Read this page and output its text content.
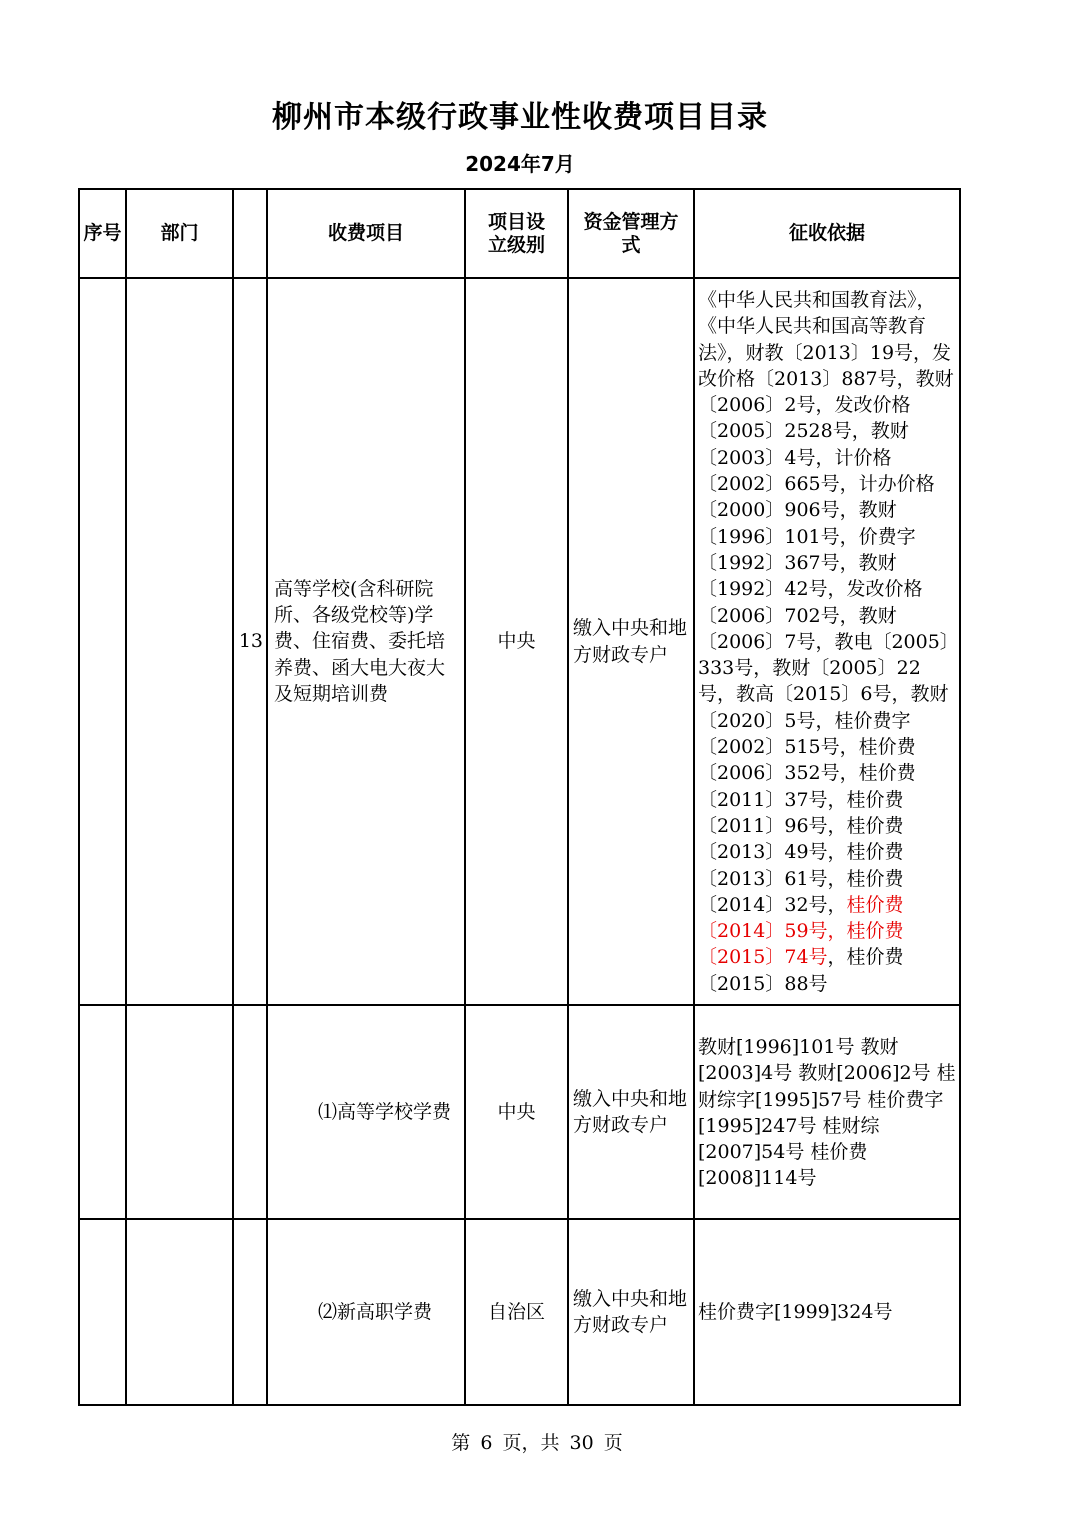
柳州市本级行政事业性收费项目目录
2024年7月
序号	部门		收费项目	项目设立级别	资金管理方式	征收依据
		13	高等学校(含科研院所、各级党校等)学费、住宿费、委托培养费、函大电大夜大及短期培训费	中央	缴入中央和地方财政专户	《中华人民共和国教育法》，《中华人民共和国高等教育法》，财教〔2013〕19号，发改价格〔2013〕887号，教财〔2006〕2号，发改价格〔2005〕2528号，教财〔2003〕4号，计价格〔2002〕665号，计办价格〔2000〕906号，教财〔1996〕101号，价费字〔1992〕367号，教财〔1992〕42号，发改价格〔2006〕702号，教财〔2006〕7号，教电〔2005〕333号，教财〔2005〕22号，教高〔2015〕6号，教财〔2020〕5号，桂价费字〔2002〕515号，桂价费〔2006〕352号，桂价费〔2011〕37号，桂价费〔2011〕96号，桂价费〔2013〕49号，桂价费〔2013〕61号，桂价费〔2014〕32号，桂价费〔2014〕59号，桂价费〔2015〕74号，桂价费〔2015〕88号
			⑴高等学校学费	中央	缴入中央和地方财政专户	教财[1996]101号 教财[2003]4号 教财[2006]2号 桂财综字[1995]57号 桂价费字[1995]247号 桂财综[2007]54号 桂价费[2008]114号
			⑵新高职学费	自治区	缴入中央和地方财政专户	桂价费字[1999]324号
第 6 页，共 30 页
